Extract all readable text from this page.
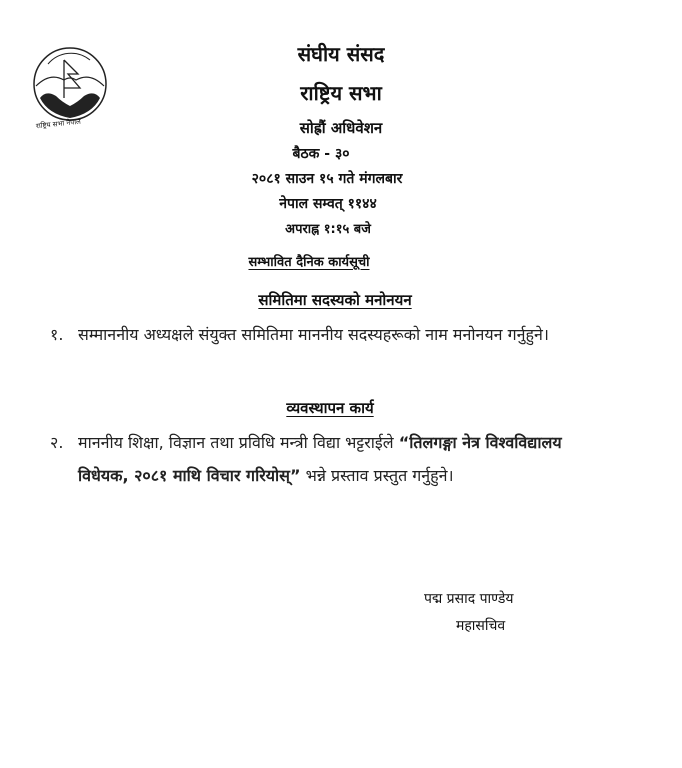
राष्ट्रिय सभा नेपाल
संघीय संसद
राष्ट्रिय सभा
सोह्रौं अधिवेशन
बैठक - ३०
२०८१ साउन १५ गते मंगलबार
नेपाल सम्वत् ११४४
अपराह्न १:१५ बजे
सम्भावित दैनिक कार्यसूची
समितिमा सदस्यको मनोनयन
१. सम्माननीय अध्यक्षले संयुक्त समितिमा माननीय सदस्यहरूको नाम मनोनयन गर्नुहुने।
व्यवस्थापन कार्य
२. माननीय शिक्षा, विज्ञान तथा प्रविधि मन्त्री विद्या भट्टराईले “तिलगङ्गा नेत्र विश्वविद्यालय विधेयक, २०८१ माथि विचार गरियोस्” भन्ने प्रस्ताव प्रस्तुत गर्नुहुने।
पद्म प्रसाद पाण्डेय
महासचिव
